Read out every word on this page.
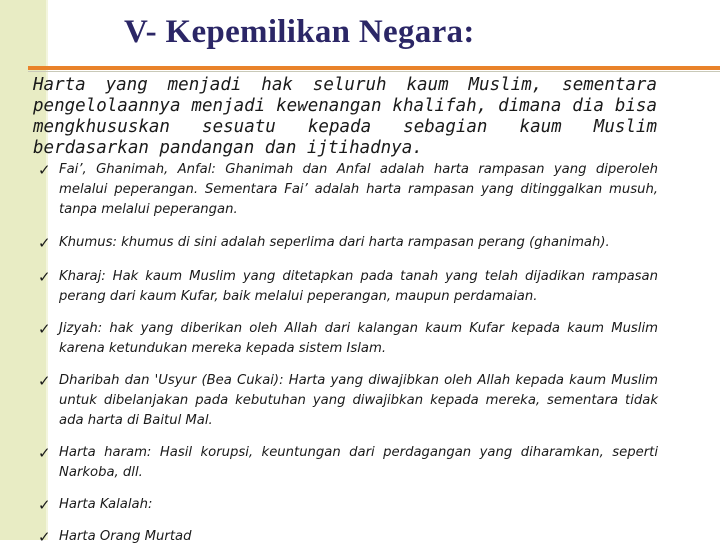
V- Kepemilikan Negara:

Harta yang menjadi hak seluruh kaum Muslim, sementara
pengelolaannya menjadi kewenangan khalifah, dimana dia bisa
mengkhususkan sesuatu kepada sebagian kaum Muslim
berdasarkan pandangan dan ijtihadnya.

✓ Fai’, Ghanimah, Anfal: Ghanimah dan Anfal adalah harta rampasan yang diperoleh melalui peperangan. Sementara Fai’ adalah harta rampasan yang ditinggalkan musuh, tanpa melalui peperangan.
✓ Khumus: khumus di sini adalah seperlima dari harta rampasan perang (ghanimah).
✓ Kharaj: Hak kaum Muslim yang ditetapkan pada tanah yang telah dijadikan rampasan perang dari kaum Kufar, baik melalui peperangan, maupun perdamaian.
✓ Jizyah: hak yang diberikan oleh Allah dari kalangan kaum Kufar kepada kaum Muslim karena ketundukan mereka kepada sistem Islam.
✓ Dharibah dan 'Usyur (Bea Cukai): Harta yang diwajibkan oleh Allah kepada kaum Muslim untuk dibelanjakan pada kebutuhan yang diwajibkan kepada mereka, sementara tidak ada harta di Baitul Mal.
✓ Harta haram: Hasil korupsi, keuntungan dari perdagangan yang diharamkan, seperti Narkoba, dll.
✓ Harta Kalalah:
✓ Harta Orang Murtad
